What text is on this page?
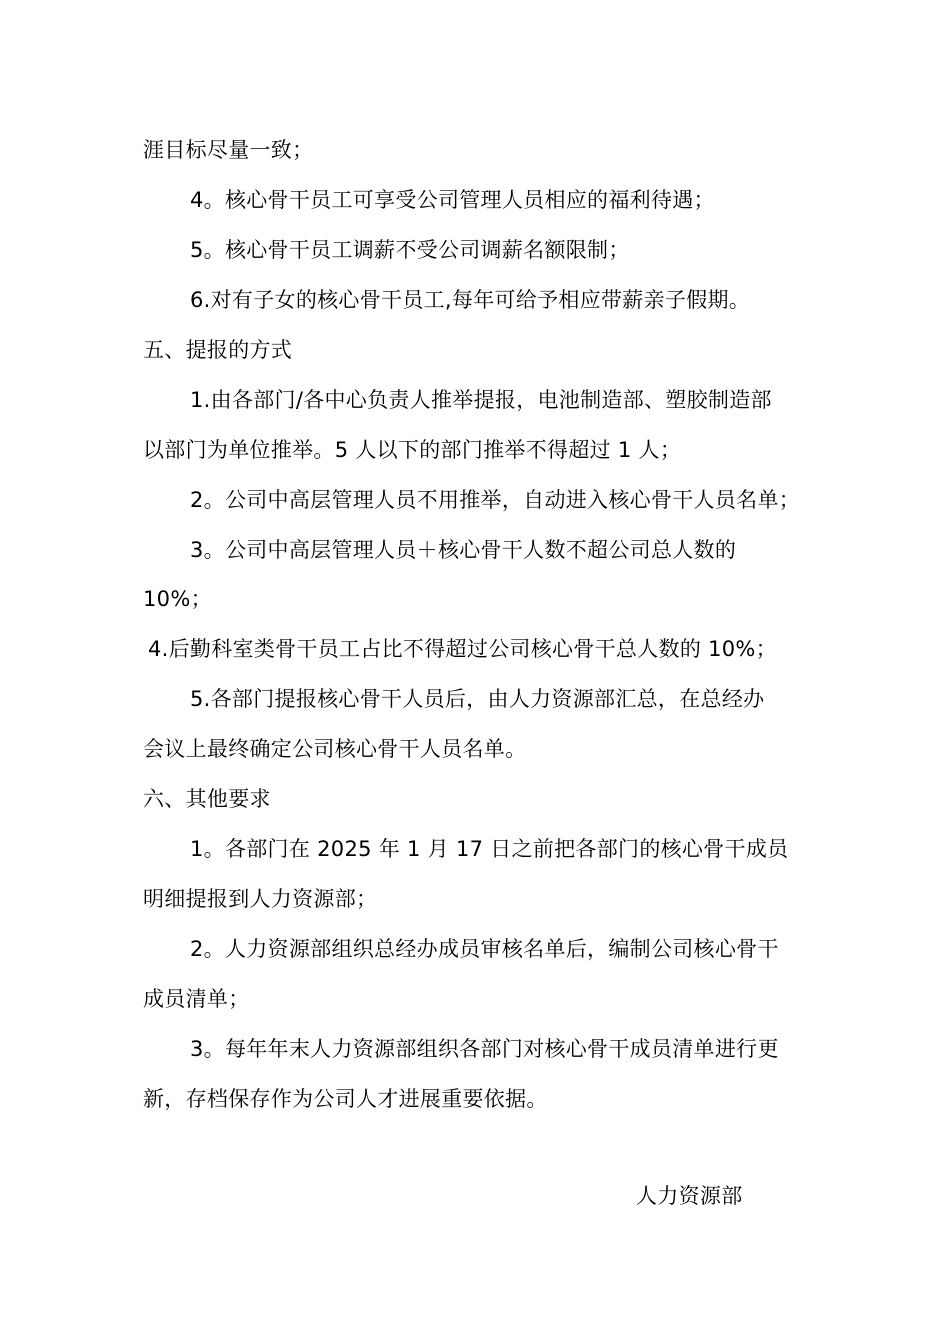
涯目标尽量一致；
4。核心骨干员工可享受公司管理人员相应的福利待遇；
5。核心骨干员工调薪不受公司调薪名额限制；
6.对有子女的核心骨干员工,每年可给予相应带薪亲子假期。
五、提报的方式
1.由各部门/各中心负责人推举提报，电池制造部、塑胶制造部
以部门为单位推举。5 人以下的部门推举不得超过 1 人；
2。公司中高层管理人员不用推举，自动进入核心骨干人员名单；
3。公司中高层管理人员＋核心骨干人数不超公司总人数的
10%；
4.后勤科室类骨干员工占比不得超过公司核心骨干总人数的 10%；
5.各部门提报核心骨干人员后，由人力资源部汇总，在总经办
会议上最终确定公司核心骨干人员名单。
六、其他要求
1。各部门在 2025 年 1 月 17 日之前把各部门的核心骨干成员
明细提报到人力资源部；
2。人力资源部组织总经办成员审核名单后，编制公司核心骨干
成员清单；
3。每年年末人力资源部组织各部门对核心骨干成员清单进行更
新，存档保存作为公司人才进展重要依据。
人力资源部
